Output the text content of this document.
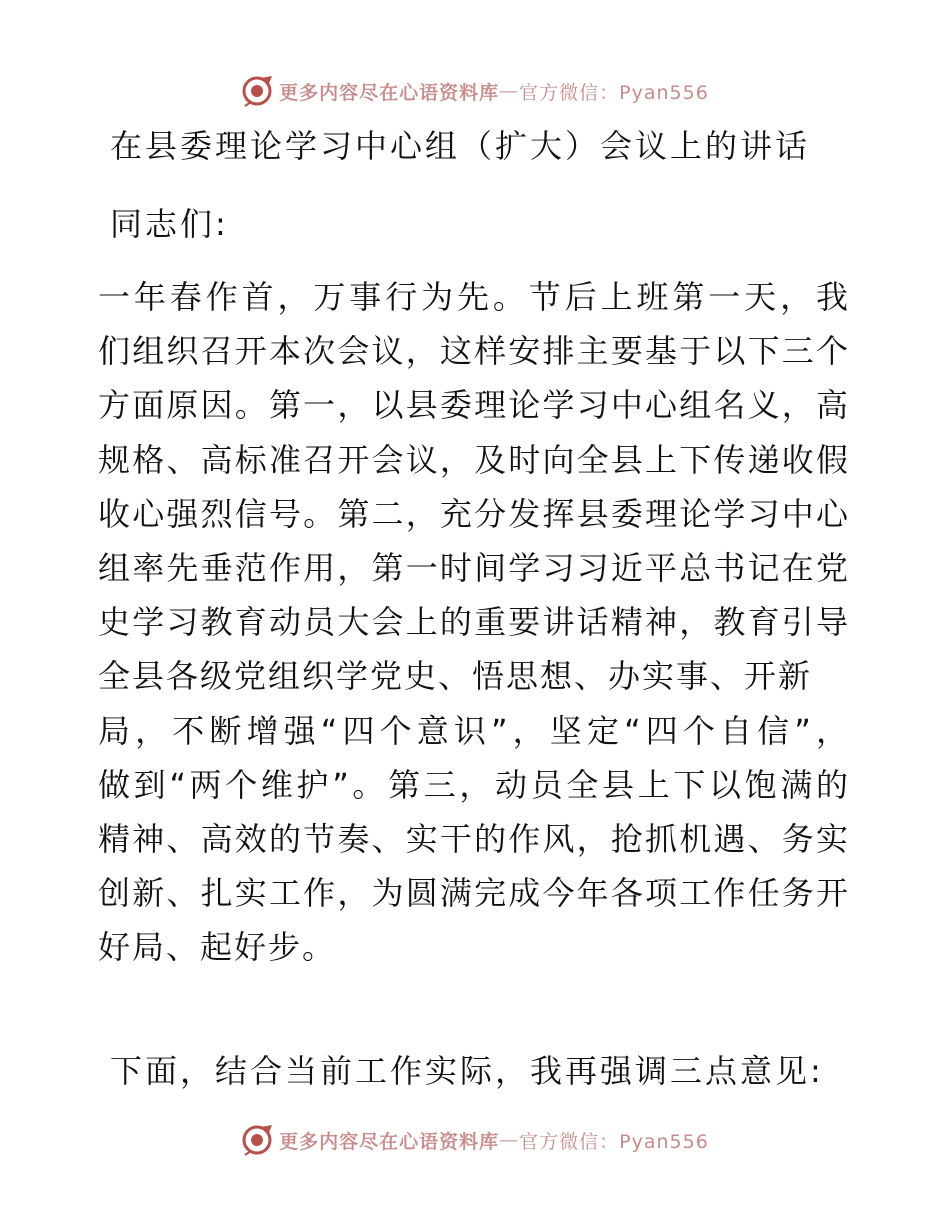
更多内容尽在心语资料库 — 官方微信：Pyan556
在县委理论学习中心组（扩大）会议上的讲话
同志们:
一年春作首，万事行为先。节后上班第一天，我
们组织召开本次会议，这样安排主要基于以下三个
方面原因。第一，以县委理论学习中心组名义，高
规格、高标准召开会议，及时向全县上下传递收假
收心强烈信号。第二，充分发挥县委理论学习中心
组率先垂范作用，第一时间学习习近平总书记在党
史学习教育动员大会上的重要讲话精神，教育引导
全县各级党组织学党史、悟思想、办实事、开新
局，不断增强“四个意识”，坚定“四个自信”，
做到“两个维护”。第三，动员全县上下以饱满的
精神、高效的节奏、实干的作风，抢抓机遇、务实
创新、扎实工作，为圆满完成今年各项工作任务开
好局、起好步。
下面，结合当前工作实际，我再强调三点意见:
更多内容尽在心语资料库 — 官方微信：Pyan556
